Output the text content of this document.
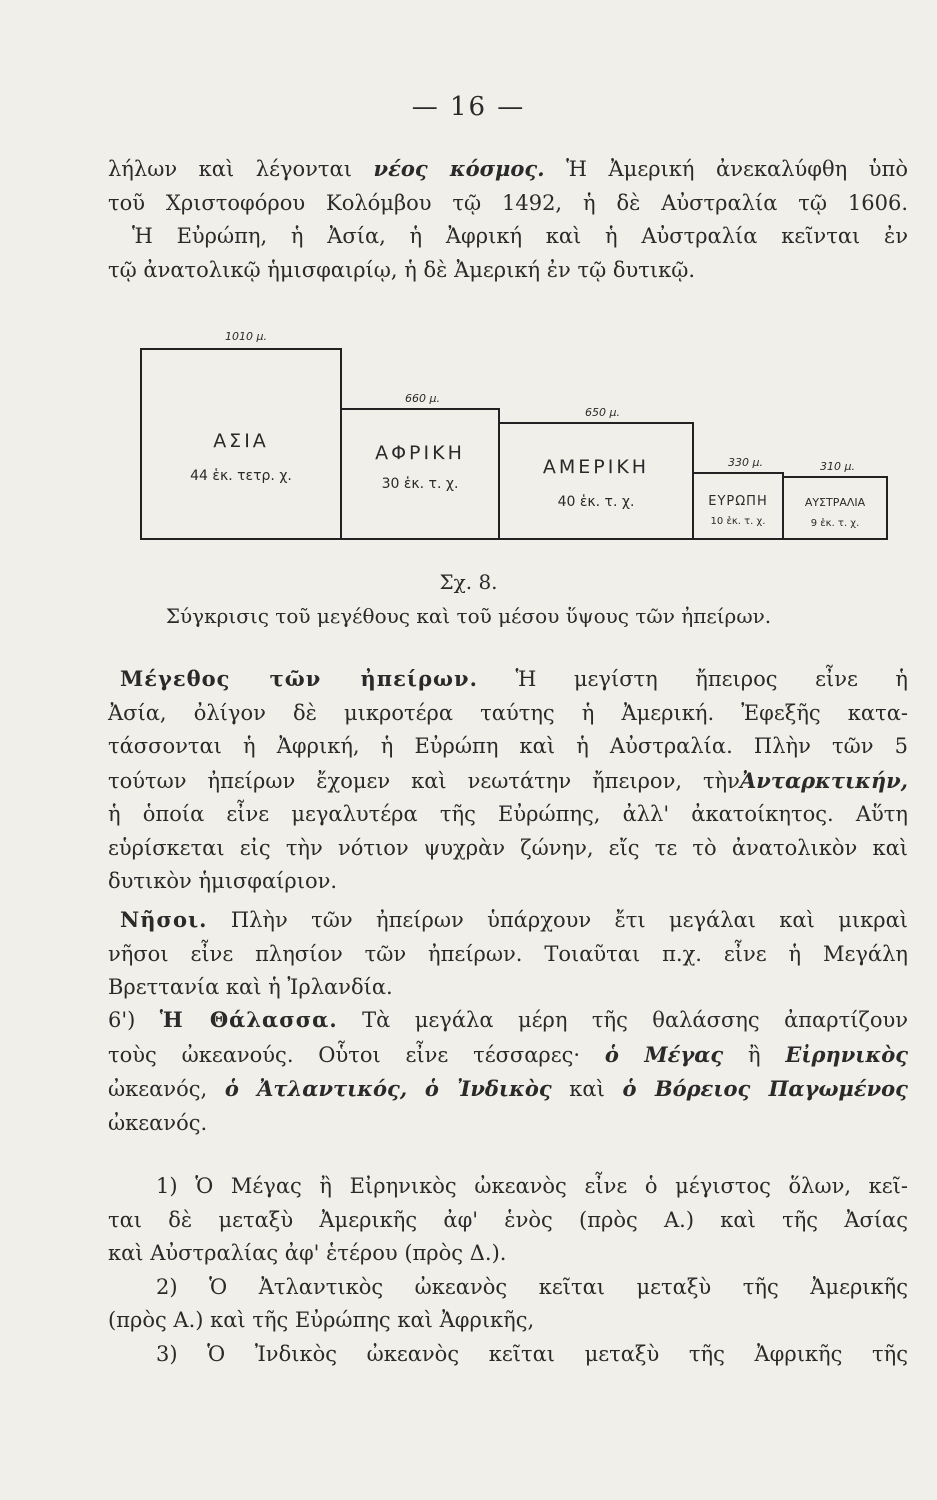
— 16 —

λήλων καὶ λέγονται νέος κόσμος. Ἡ Ἀμερική ἀνεκαλύφθη ὑπὸ

τοῦ Χριστοφόρου Κολόμβου τῷ 1492, ἡ δὲ Αὐστραλία τῷ 1606.

Ἡ Εὐρώπη, ἡ Ἀσία, ἡ Ἀφρική καὶ ἡ Αὐστραλία κεῖνται ἐν

τῷ ἀνατολικῷ ἡμισφαιρίῳ, ἡ δὲ Ἀμερική ἐν τῷ δυτικῷ.

ΑΣΙΑ
44 ἑκ. τετρ. χ.
1010 μ.
ΑΦΡΙΚΗ
30 ἑκ. τ. χ.
660 μ.
ΑΜΕΡΙΚΗ
40 ἑκ. τ. χ.
650 μ.
ΕΥΡΩΠΗ
10 ἑκ. τ. χ.
330 μ.
ΑΥΣΤΡΑΛΙΑ
9 ἑκ. τ. χ.
310 μ.
Σχ. 8.
Σύγκρισις τοῦ μεγέθους καὶ τοῦ μέσου ὕψους τῶν ἠπείρων.

Μέγεθος τῶν ἠπείρων. Ἡ μεγίστη ἤπειρος εἶνε ἡ

Ἀσία, ὀλίγον δὲ μικροτέρα ταύτης ἡ Ἀμερική. Ἐφεξῆς κατα-

τάσσονται ἡ Ἀφρική, ἡ Εὐρώπη καὶ ἡ Αὐστραλία. Πλὴν τῶν 5

τούτων ἠπείρων ἔχομεν καὶ νεωτάτην ἤπειρον, τὴνἈνταρκτικήν,

ἡ ὁποία εἶνε μεγαλυτέρα τῆς Εὐρώπης, ἀλλ' ἀκατοίκητος. Αὕτη

εὑρίσκεται εἰς τὴν νότιον ψυχρὰν ζώνην, εἴς τε τὸ ἀνατολικὸν καὶ

δυτικὸν ἡμισφαίριον.

Νῆσοι. Πλὴν τῶν ἠπείρων ὑπάρχουν ἔτι μεγάλαι καὶ μικραὶ

νῆσοι εἶνε πλησίον τῶν ἠπείρων. Τοιαῦται π.χ. εἶνε ἡ Μεγάλη

Βρεττανία καὶ ἡ Ἰρλανδία.

6') Ἡ Θάλασσα. Τὰ μεγάλα μέρη τῆς θαλάσσης ἀπαρτίζουν

τοὺς ὠκεανούς. Οὗτοι εἶνε τέσσαρες· ὁ Μέγας ἢ Εἰρηνικὸς

ὠκεανός, ὁ Ἀτλαντικός, ὁ Ἰνδικὸς καὶ ὁ Βόρειος Παγωμένος

ὠκεανός.

1) Ὁ Μέγας ἢ Εἰρηνικὸς ὠκεανὸς εἶνε ὁ μέγιστος ὅλων, κεῖ-

ται δὲ μεταξὺ Ἀμερικῆς ἀφ' ἑνὸς (πρὸς Α.) καὶ τῆς Ἀσίας

καὶ Αὐστραλίας ἀφ' ἑτέρου (πρὸς Δ.).

2) Ὁ Ἀτλαντικὸς ὠκεανὸς κεῖται μεταξὺ τῆς Ἀμερικῆς

(πρὸς Α.) καὶ τῆς Εὐρώπης καὶ Ἀφρικῆς,

3) Ὁ Ἰνδικὸς ὠκεανὸς κεῖται μεταξὺ τῆς Ἀφρικῆς τῆς
